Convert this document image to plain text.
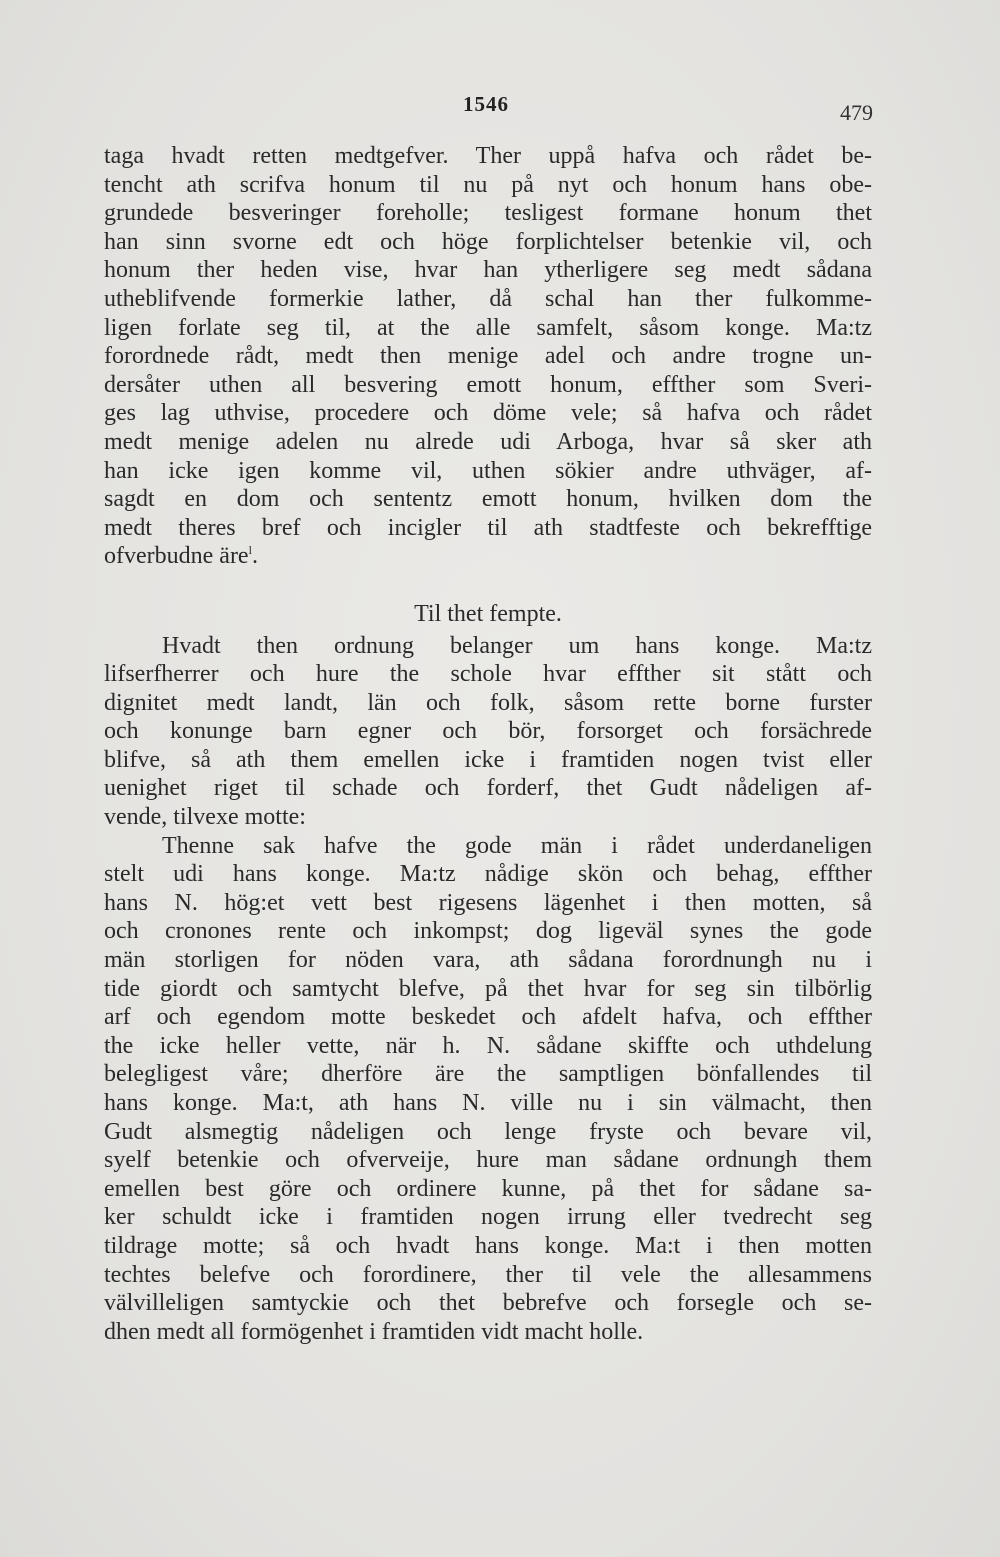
1546	479
taga hvadt retten medtgefver. Ther uppå hafva och rådet be-
tencht ath scrifva honum til nu på nyt och honum hans obe-
grundede besveringer foreholle; tesligest formane honum thet
han sinn svorne edt och höge forplichtelser betenkie vil, och
honum ther heden vise, hvar han ytherligere seg medt sådana
utheblifvende formerkie lather, då schal han ther fulkomme-
ligen forlate seg til, at the alle samfelt, såsom konge. Ma:tz
forordnede rådt, medt then menige adel och andre trogne un-
dersåter uthen all besvering emott honum, effther som Sveri-
ges lag uthvise, procedere och döme vele; så hafva och rådet
medt menige adelen nu alrede udi Arboga, hvar så sker ath
han icke igen komme vil, uthen sökier andre uthväger, af-
sagdt en dom och sententz emott honum, hvilken dom the
medt theres bref och incigler til ath stadtfeste och bekrefftige
ofverbudne äre$^l$.
Til thet fempte.
Hvadt then ordnung belanger um hans konge. Ma:tz
lifserfherrer och hure the schole hvar effther sit stått och
dignitet medt landt, län och folk, såsom rette borne furster
och konunge barn egner och bör, forsorget och forsächrede
blifve, så ath them emellen icke i framtiden nogen tvist eller
uenighet riget til schade och forderf, thet Gudt nådeligen af-
vende, tilvexe motte:
Thenne sak hafve the gode män i rådet underdaneligen
stelt udi hans konge. Ma:tz nådige skön och behag, effther
hans N. hög:et vett best rigesens lägenhet i then motten, så
och cronones rente och inkompst; dog ligeväl synes the gode
män storligen for nöden vara, ath sådana forordnungh nu i
tide giordt och samtycht blefve, på thet hvar for seg sin tilbörlig
arf och egendom motte beskedet och afdelt hafva, och effther
the icke heller vette, när h. N. sådane skiffte och uthdelung
belegligest våre; dherföre äre the samptligen bönfallendes til
hans konge. Ma:t, ath hans N. ville nu i sin välmacht, then
Gudt alsmegtig nådeligen och lenge fryste och bevare vil,
syelf betenkie och ofverveije, hure man sådane ordnungh them
emellen best göre och ordinere kunne, på thet for sådane sa-
ker schuldt icke i framtiden nogen irrung eller tvedrecht seg
tildrage motte; så och hvadt hans konge. Ma:t i then motten
techtes belefve och forordinere, ther til vele the allesammens
välvilleligen samtyckie och thet bebrefve och forsegle och se-
dhen medt all formögenhet i framtiden vidt macht holle.
